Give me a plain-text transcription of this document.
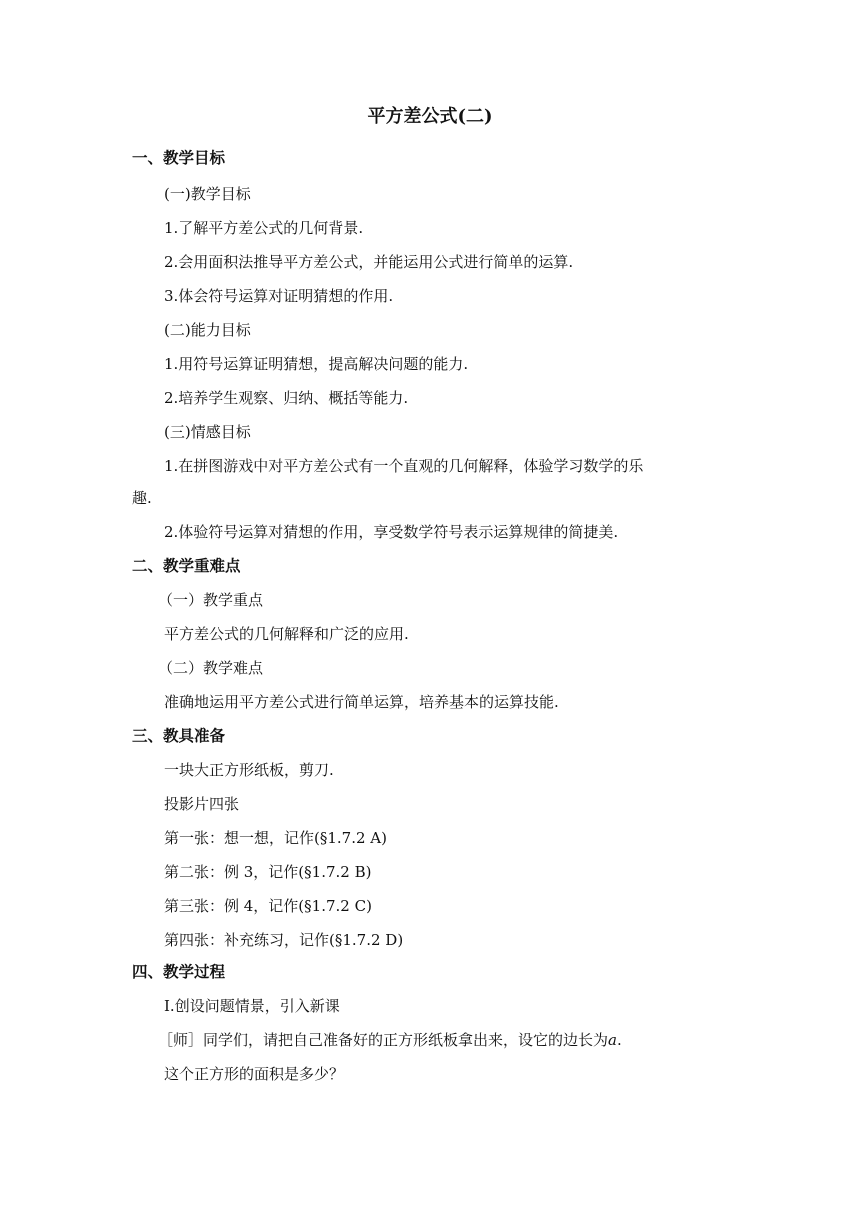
平方差公式(二)
一、教学目标
(一)教学目标
1.了解平方差公式的几何背景.
2.会用面积法推导平方差公式，并能运用公式进行简单的运算.
3.体会符号运算对证明猜想的作用.
(二)能力目标
1.用符号运算证明猜想，提高解决问题的能力.
2.培养学生观察、归纳、概括等能力.
(三)情感目标
1.在拼图游戏中对平方差公式有一个直观的几何解释，体验学习数学的乐
趣.
2.体验符号运算对猜想的作用，享受数学符号表示运算规律的简捷美.
二、教学重难点
（一）教学重点
平方差公式的几何解释和广泛的应用.
（二）教学难点
准确地运用平方差公式进行简单运算，培养基本的运算技能.
三、教具准备
一块大正方形纸板，剪刀.
投影片四张
第一张：想一想，记作(§1.7.2 A)
第二张：例 3，记作(§1.7.2 B)
第三张：例 4，记作(§1.7.2 C)
第四张：补充练习，记作(§1.7.2 D)
四、教学过程
Ⅰ.创设问题情景，引入新课
［师］同学们，请把自己准备好的正方形纸板拿出来，设它的边长为a.
这个正方形的面积是多少？
